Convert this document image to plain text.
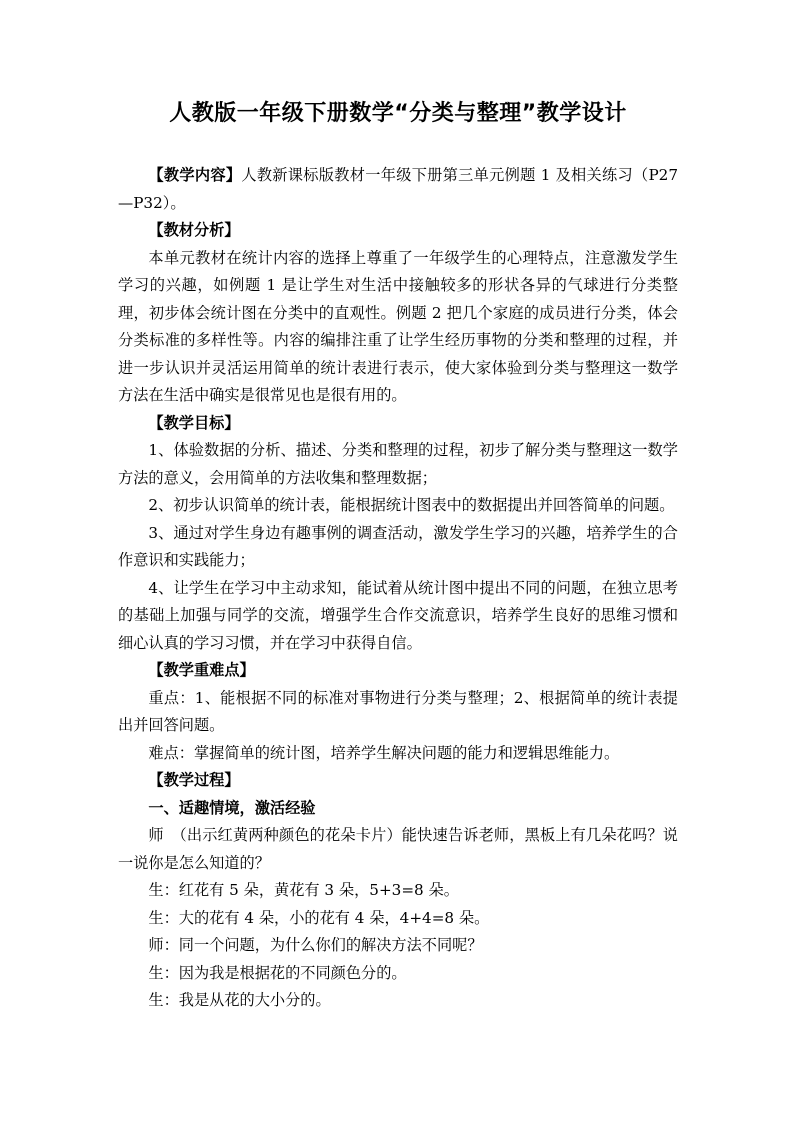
人教版一年级下册数学“分类与整理”教学设计

【教学内容】人教新课标版教材一年级下册第三单元例题 1 及相关练习（P27—P32）。

【教材分析】

本单元教材在统计内容的选择上尊重了一年级学生的心理特点，注意激发学生学习的兴趣，如例题 1 是让学生对生活中接触较多的形状各异的气球进行分类整理，初步体会统计图在分类中的直观性。例题 2 把几个家庭的成员进行分类，体会分类标准的多样性等。内容的编排注重了让学生经历事物的分类和整理的过程，并进一步认识并灵活运用简单的统计表进行表示，使大家体验到分类与整理这一数学方法在生活中确实是很常见也是很有用的。

【教学目标】

1、体验数据的分析、描述、分类和整理的过程，初步了解分类与整理这一数学方法的意义，会用简单的方法收集和整理数据；

2、初步认识简单的统计表，能根据统计图表中的数据提出并回答简单的问题。

3、通过对学生身边有趣事例的调查活动，激发学生学习的兴趣，培养学生的合作意识和实践能力；

4、让学生在学习中主动求知，能试着从统计图中提出不同的问题，在独立思考的基础上加强与同学的交流，增强学生合作交流意识，培养学生良好的思维习惯和细心认真的学习习惯，并在学习中获得自信。

【教学重难点】

重点：1、能根据不同的标准对事物进行分类与整理；2、根据简单的统计表提出并回答问题。

难点：掌握简单的统计图，培养学生解决问题的能力和逻辑思维能力。

【教学过程】

一、适趣情境，激活经验

师　（出示红黄两种颜色的花朵卡片）能快速告诉老师，黑板上有几朵花吗？说一说你是怎么知道的？

生：红花有 5 朵，黄花有 3 朵，5+3=8 朵。

生：大的花有 4 朵，小的花有 4 朵，4+4=8 朵。

师：同一个问题，为什么你们的解决方法不同呢？

生：因为我是根据花的不同颜色分的。

生：我是从花的大小分的。
